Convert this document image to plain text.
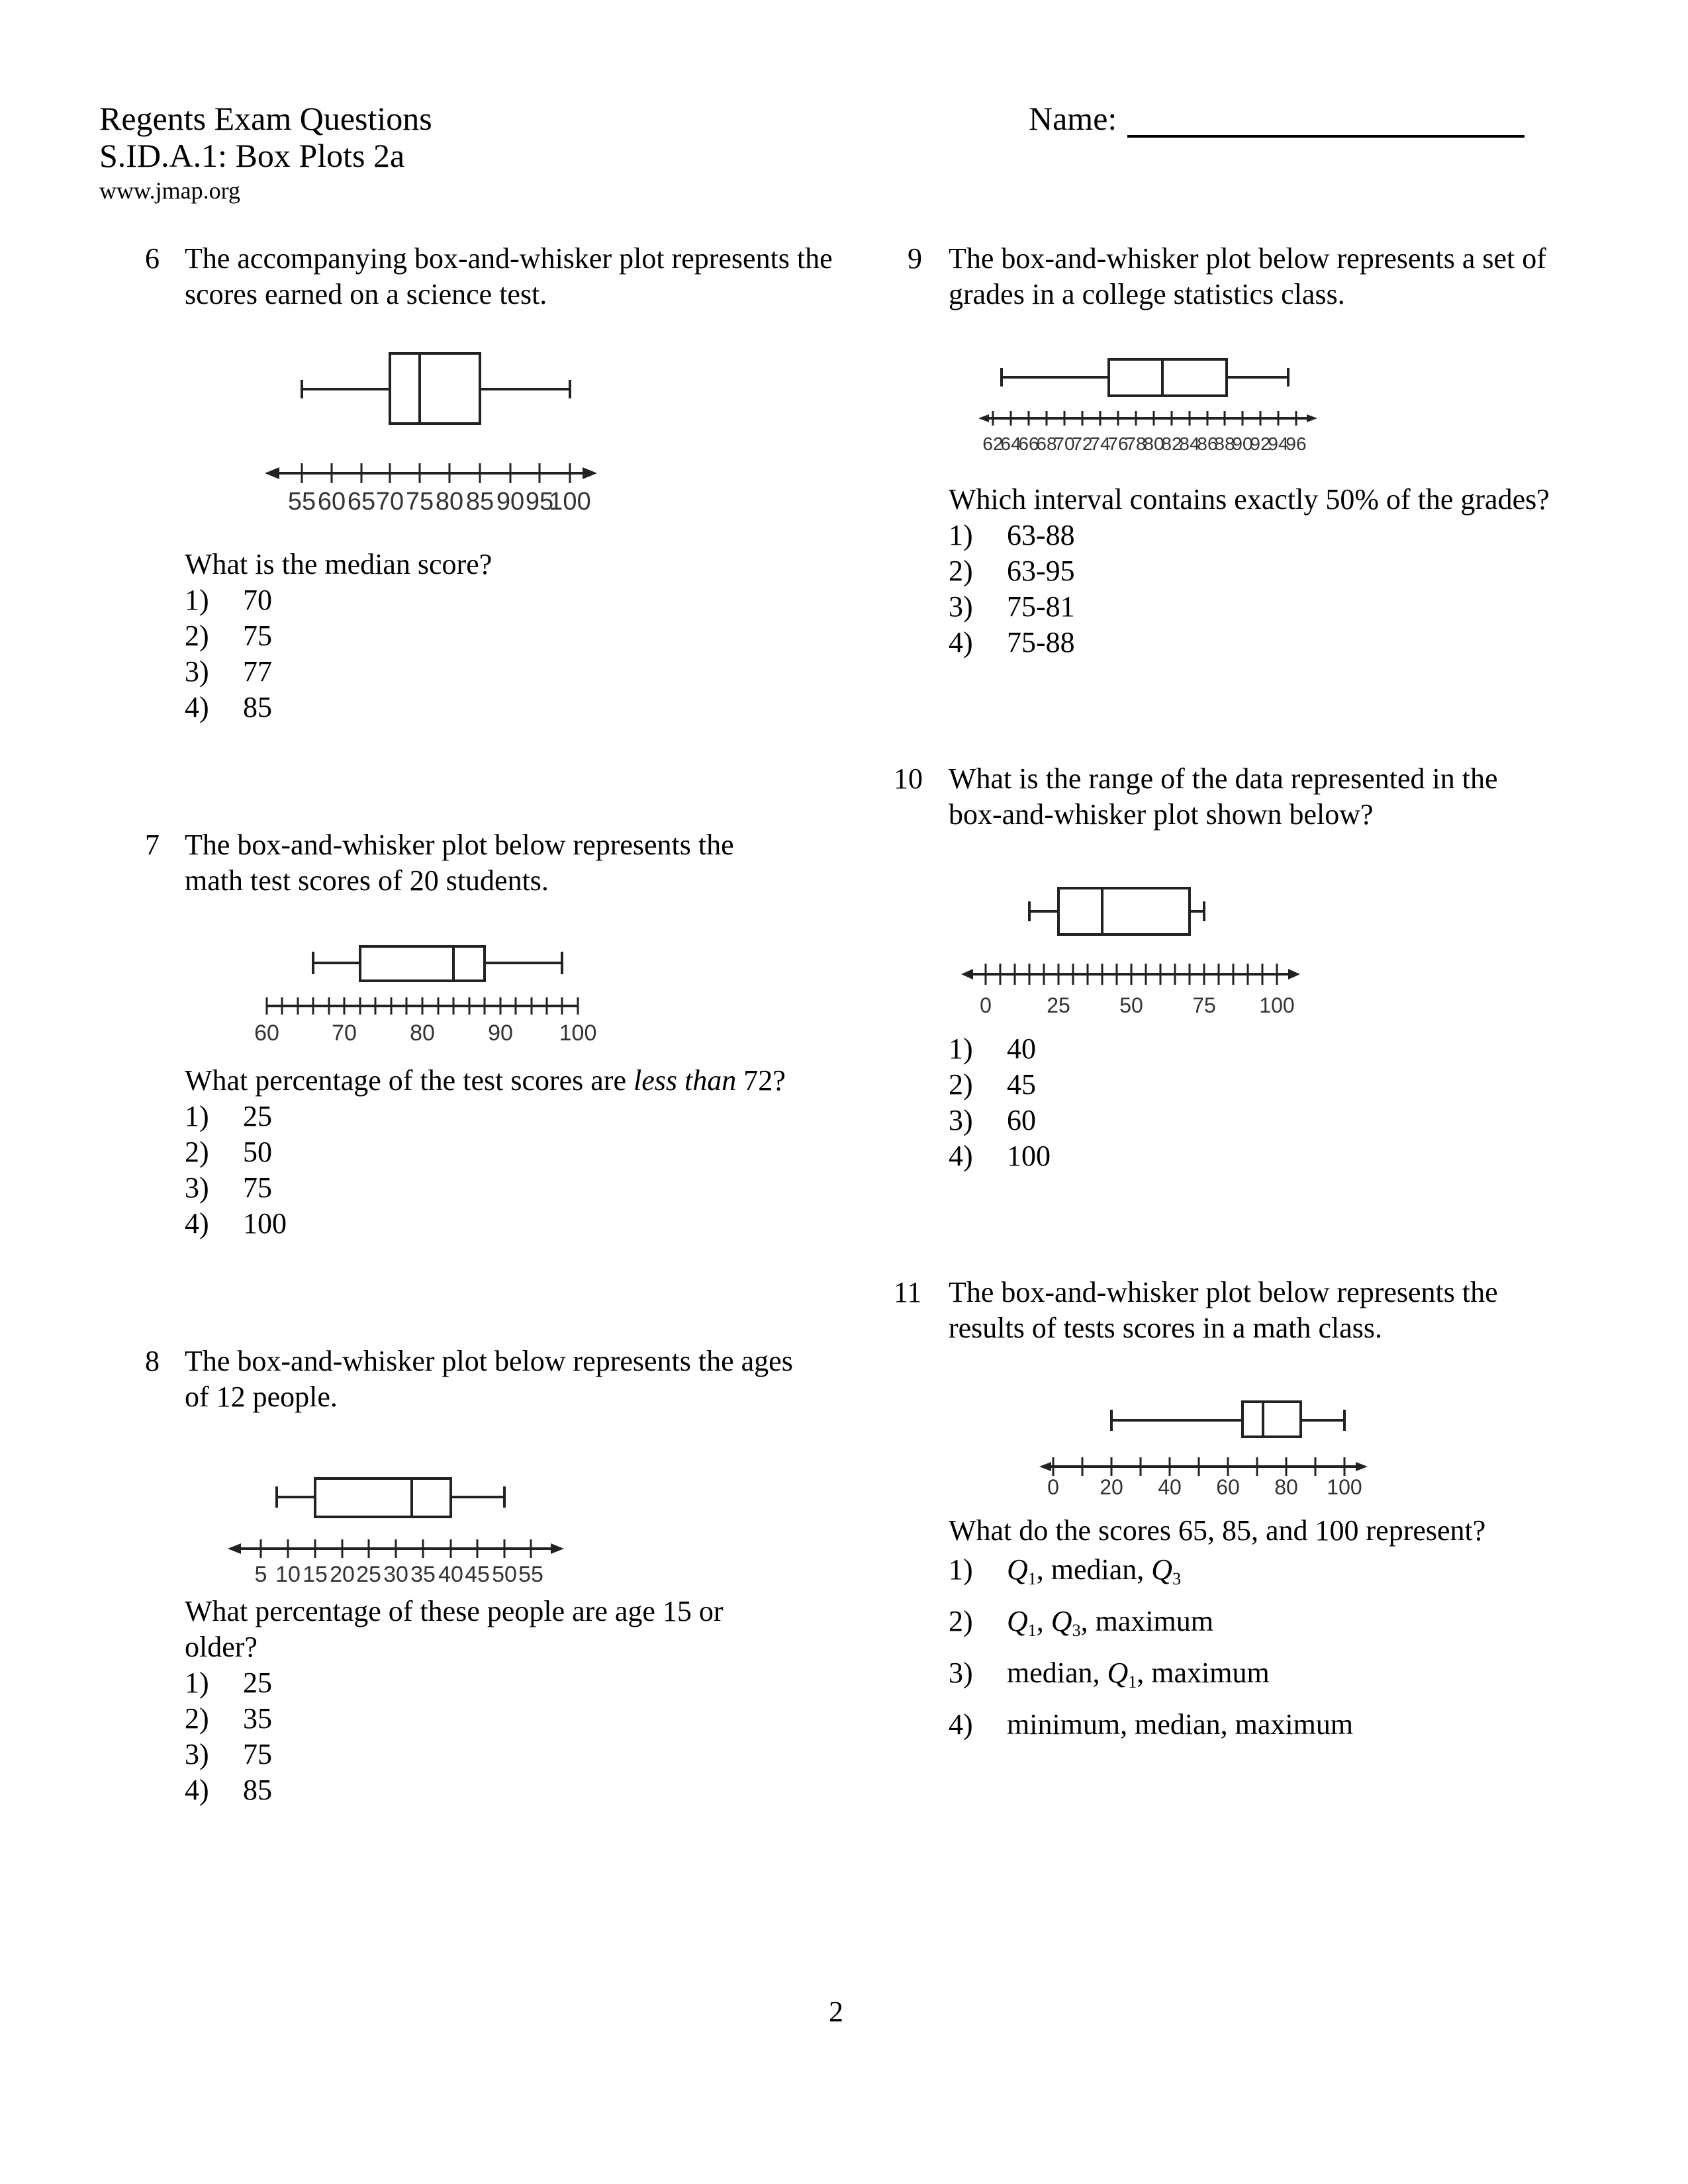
Regents Exam Questions
S.ID.A.1: Box Plots 2a
www.jmap.org
Name:
6 The accompanying box-and-whisker plot represents the scores earned on a science test.
55 60 65 70 75 80 85 90 95
100
What is the median score?
1)	70
2)	75
3)	77
4)	85
7 The box-and-whisker plot below represents the math test scores of 20 students.
60 70 80 90 100
What percentage of the test scores are less than 72?
1)	25
2)	50
3)	75
4)	100
8 The box-and-whisker plot below represents the ages of 12 people.
5 10 15 20 25 30 35 40 45 50 55
What percentage of these people are age 15 or older?
1)	25
2)	35
3)	75
4)	85
9 The box-and-whisker plot below represents a set of grades in a college statistics class.
62
64
66
68
70
72
74
76
78
80
82
84
86
88
90
92
94
96
Which interval contains exactly 50% of the grades?
1)	63-88
2)	63-95
3)	75-81
4)	75-88
10 What is the range of the data represented in the box-and-whisker plot shown below?
0	25 50 75 100
1)	40
2)	45
3)	60
4)	100
11 The box-and-whisker plot below represents the results of tests scores in a math class.
0 20 40 60 80 100
What do the scores 65, 85, and 100 represent?
1)	$Q_1$, median, $Q_3$
2)	$Q_1$, $Q_3$, maximum
3)	median, $Q_1$, maximum
4)	minimum, median, maximum
2
